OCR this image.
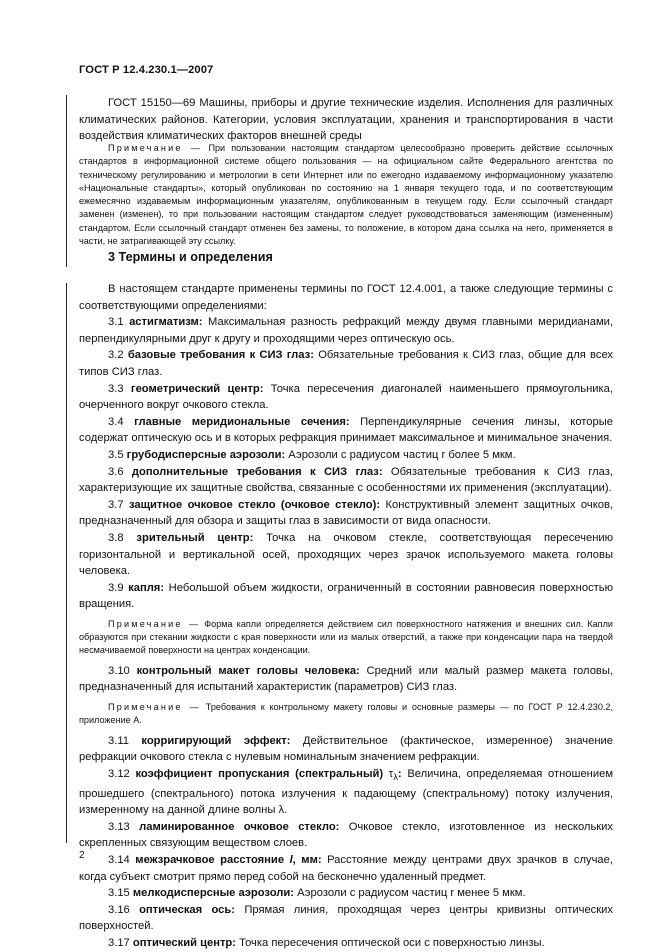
ГОСТ Р 12.4.230.1—2007

ГОСТ 15150—69 Машины, приборы и другие технические изделия. Исполнения для различных климатических районов. Категории, условия эксплуатации, хранения и транспортирования в части воздействия климатических факторов внешней среды

Примечание — При пользовании настоящим стандартом целесообразно проверить действие ссылочных стандартов в информационной системе общего пользования — на официальном сайте Федерального агентства по техническому регулированию и метрологии в сети Интернет или по ежегодно издаваемому информационному указателю «Национальные стандарты», который опубликован по состоянию на 1 января текущего года, и по соответствующим ежемесячно издаваемым информационным указателям, опубликованным в текущем году. Если ссылочный стандарт заменен (изменен), то при пользовании настоящим стандартом следует руководствоваться заменяющим (измененным) стандартом. Если ссылочный стандарт отменен без замены, то положение, в котором дана ссылка на него, применяется в части, не затрагивающей эту ссылку.

3 Термины и определения

В настоящем стандарте применены термины по ГОСТ 12.4.001, а также следующие термины с соответствующими определениями:

3.1 астигматизм: Максимальная разность рефракций между двумя главными меридианами, перпендикулярными друг к другу и проходящими через оптическую ось.

3.2 базовые требования к СИЗ глаз: Обязательные требования к СИЗ глаз, общие для всех типов СИЗ глаз.

3.3 геометрический центр: Точка пересечения диагоналей наименьшего прямоугольника, очерченного вокруг очкового стекла.

3.4 главные меридиональные сечения: Перпендикулярные сечения линзы, которые содержат оптическую ось и в которых рефракция принимает максимальное и минимальное значения.

3.5 грубодисперсные аэрозоли: Аэрозоли с радиусом частиц r более 5 мкм.

3.6 дополнительные требования к СИЗ глаз: Обязательные требования к СИЗ глаз, характеризующие их защитные свойства, связанные с особенностями их применения (эксплуатации).

3.7 защитное очковое стекло (очковое стекло): Конструктивный элемент защитных очков, предназначенный для обзора и защиты глаз в зависимости от вида опасности.

3.8 зрительный центр: Точка на очковом стекле, соответствующая пересечению горизонтальной и вертикальной осей, проходящих через зрачок используемого макета головы человека.

3.9 капля: Небольшой объем жидкости, ограниченный в состоянии равновесия поверхностью вращения.

Примечание — Форма капли определяется действием сил поверхностного натяжения и внешних сил. Капли образуются при стекании жидкости с края поверхности или из малых отверстий, а также при конденсации пара на твердой несмачиваемой поверхности на центрах конденсации.

3.10 контрольный макет головы человека: Средний или малый размер макета головы, предназначенный для испытаний характеристик (параметров) СИЗ глаз.

Примечание — Требования к контрольному макету головы и основные размеры — по ГОСТ Р 12.4.230.2, приложение А.

3.11 корригирующий эффект: Действительное (фактическое, измеренное) значение рефракции очкового стекла с нулевым номинальным значением рефракции.

3.12 коэффициент пропускания (спектральный) $\tau_\lambda$: Величина, определяемая отношением прошедшего (спектрального) потока излучения к падающему (спектральному) потоку излучения, измеренному на данной длине волны λ.

3.13 ламинированное очковое стекло: Очковое стекло, изготовленное из нескольких скрепленных связующим веществом слоев.

3.14 межзрачковое расстояние l, мм: Расстояние между центрами двух зрачков в случае, когда субъект смотрит прямо перед собой на бесконечно удаленный предмет.

3.15 мелкодисперсные аэрозоли: Аэрозоли с радиусом частиц r менее 5 мкм.

3.16 оптическая ось: Прямая линия, проходящая через центры кривизны оптических поверхностей.

3.17 оптический центр: Точка пересечения оптической оси с поверхностью линзы.

2
